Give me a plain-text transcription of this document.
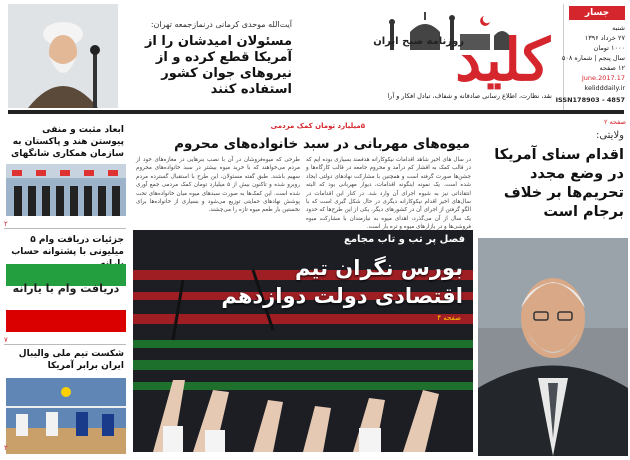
جسار
شنبه
۲۷ خرداد ۱۳۹۶
۱۰۰۰ تومان
سال پنجم | شماره ۵۰۸
۱۲ صفحه
17.June.2017
kelidddaily.ir
ISSN178903 - 4857
روزنامه صبح ایران
کلید
نقد، نظارت، اطلاع رسانی صادقانه و شفاف، تبادل افکار و آرا
آیت‌الله موحدی کرمانی درنمازجمعه تهران:
مسئولان امیدشان را از آمریکا قطع کرده و از نیروهای جوان کشور استفاده کنند
صفحه ۲
ولایتی:
اقدام سنای آمریکا در وضع مجدد تحریم‌ها بر خلاف برجام است
۵میلیارد تومان کمک مردمی
میوه‌های مهربانی در سبد خانواده‌های محروم
در سال های اخیر شاهد اقدامات نیکوکارانه هدفمند بسیاری بوده ایم که در قالب کمک به اقشار کم درآمد و محروم جامعه در قالب کارگاه‌ها و جشن‌ها صورت گرفته است و همچنین با مشارکت نهادهای دولتی ایجاد شده است. یک نمونه اینگونه اقدامات، دیوار مهربانی بود که البته انتقاداتی نیز به شیوه اجرای آن وارد شد. در کنار این اقدامات در سال‌های اخیر اقدام نیکوکارانه دیگری در حال شکل گیری است که با الگو گرفتن از اجرای آن در کشورهای دیگر، یکی از این طرح‌ها که حدود یک سال از آن می‌گذرد، اهدای میوه به نیازمندان با مشارکت میوه فروشی‌ها و در بازارهای میوه و تره بار است.
طرحی که میوه‌فروشان در آن با نصب بنرهایی در مغازه‌های خود از مردم می‌خواهند که با خرید میوه بیشتر در سبد خانواده‌های محروم سهیم باشند. طبق گفته مسئولان، این طرح با استقبال گسترده مردم روبرو شده و تاکنون بیش از ۵ میلیارد تومان کمک مردمی جمع آوری شده است. این کمک‌ها به صورت سبدهای میوه میان خانواده‌های تحت پوشش نهادهای حمایتی توزیع می‌شود و بسیاری از خانواده‌ها برای نخستین بار طعم میوه تازه را می‌چشند.
فصل پر تب و تاب مجامع
بورس نگران تیم اقتصادی دولت دوازدهم
صفحه ۴
ابعاد مثبت و منفی پیوستن هند و پاکستان به سازمان همکاری شانگهای
۲
جزئیات دریافت وام ۵ میلیونی با پشتوانه حساب
دریافت وام با یارانه
۷
شکست تیم ملی والیبال ایران برابر آمریکا
۲
